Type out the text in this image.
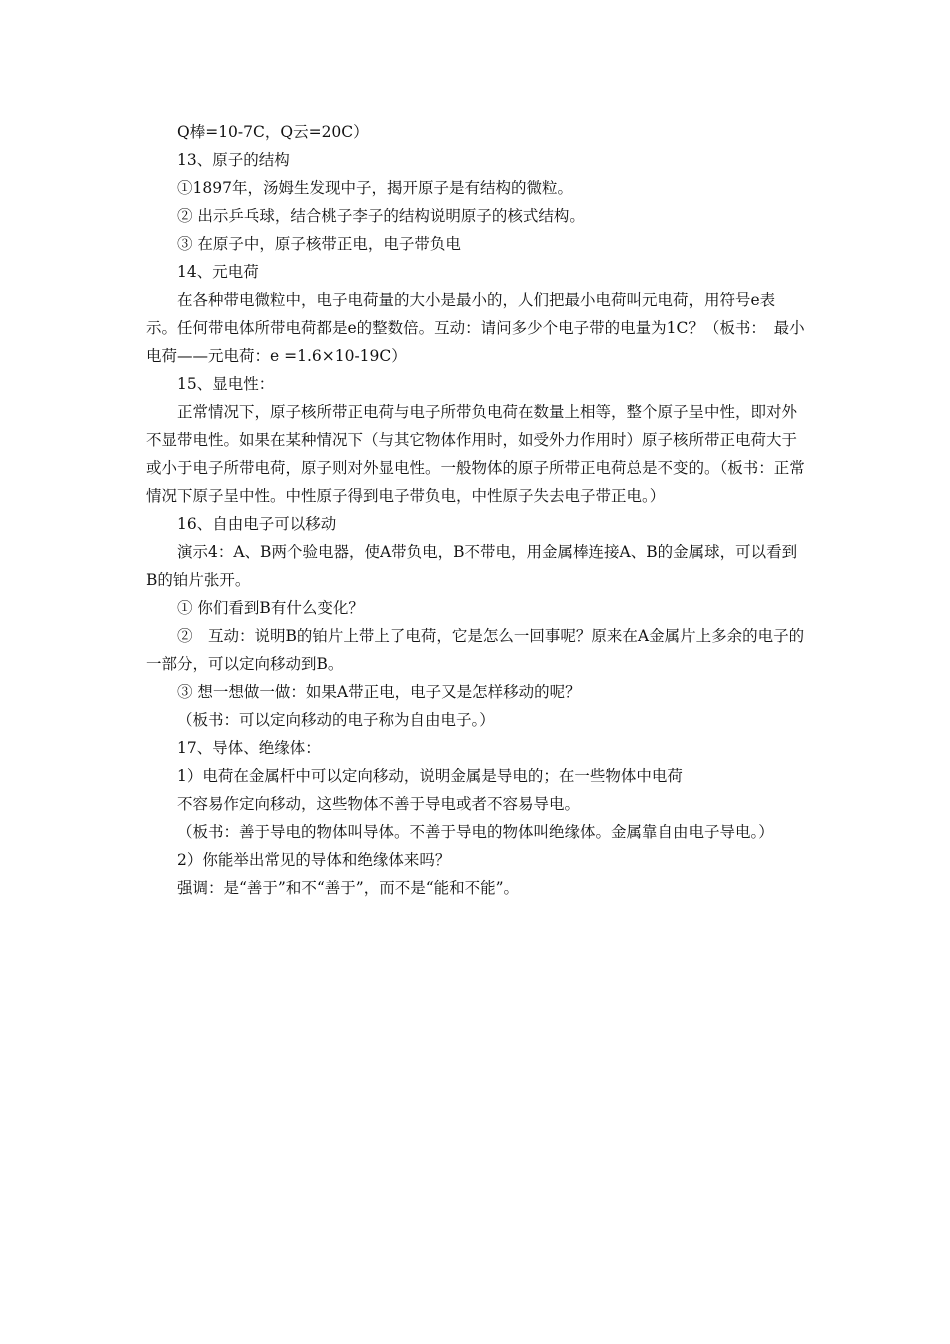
Q棒=10-7C，Q云=20C）

13、原子的结构

①1897年，汤姆生发现中子，揭开原子是有结构的微粒。

② 出示乒乓球，结合桃子李子的结构说明原子的核式结构。

③ 在原子中，原子核带正电，电子带负电

14、元电荷

在各种带电微粒中，电子电荷量的大小是最小的，人们把最小电荷叫元电荷，用符号e表示。任何带电体所带电荷都是e的整数倍。互动：请问多少个电子带的电量为1C？（板书：　最小电荷——元电荷：e =1.6×10-19C）

15、显电性：

正常情况下，原子核所带正电荷与电子所带负电荷在数量上相等，整个原子呈中性，即对外不显带电性。如果在某种情况下（与其它物体作用时，如受外力作用时）原子核所带正电荷大于或小于电子所带电荷，原子则对外显电性。一般物体的原子所带正电荷总是不变的。（板书：正常情况下原子呈中性。中性原子得到电子带负电，中性原子失去电子带正电。）

16、自由电子可以移动

演示4：A、B两个验电器，使A带负电，B不带电，用金属棒连接A、B的金属球，可以看到B的铂片张开。

① 你们看到B有什么变化？

②　互动：说明B的铂片上带上了电荷，它是怎么一回事呢？原来在A金属片上多余的电子的一部分，可以定向移动到B。

③ 想一想做一做：如果A带正电，电子又是怎样移动的呢？

（板书：可以定向移动的电子称为自由电子。）

17、导体、绝缘体：

1）电荷在金属杆中可以定向移动，说明金属是导电的；在一些物体中电荷

不容易作定向移动，这些物体不善于导电或者不容易导电。

（板书：善于导电的物体叫导体。不善于导电的物体叫绝缘体。金属靠自由电子导电。）

2）你能举出常见的导体和绝缘体来吗？

强调：是“善于”和不“善于”，而不是“能和不能”。
